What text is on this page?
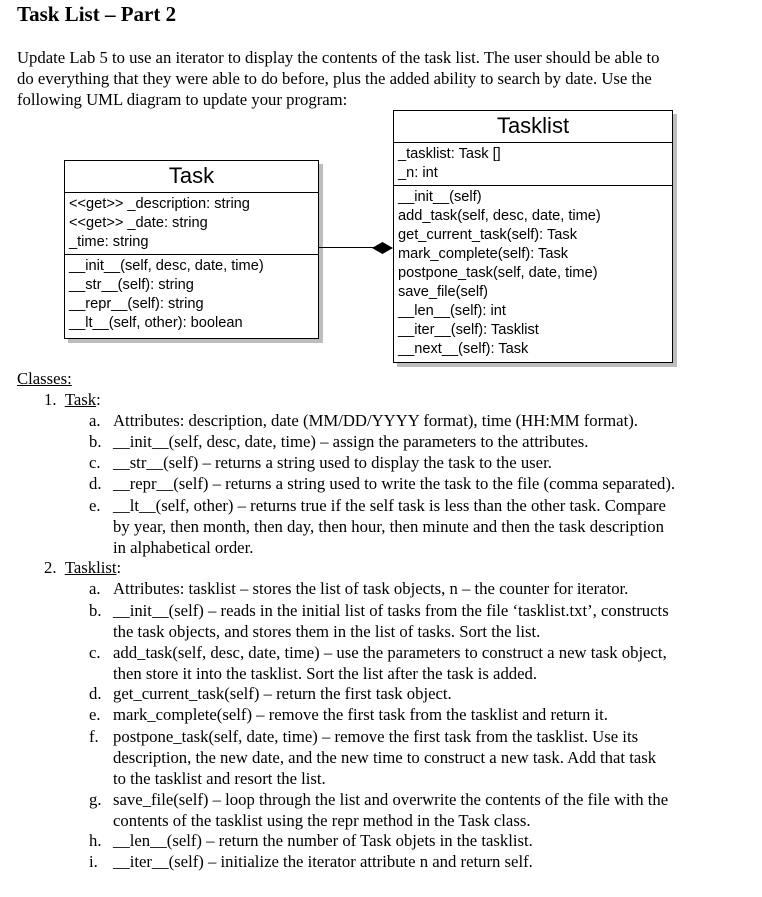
Task List – Part 2
Update Lab 5 to use an iterator to display the contents of the task list. The user should be able to
do everything that they were able to do before, plus the added ability to search by date. Use the
following UML diagram to update your program:
Task
<<get>> _description: string
<<get>> _date: string
_time: string
__init__(self, desc, date, time)
__str__(self): string
__repr__(self): string
__lt__(self, other): boolean
Tasklist
_tasklist: Task []
_n: int
__init__(self)
add_task(self, desc, date, time)
get_current_task(self): Task
mark_complete(self): Task
postpone_task(self, date, time)
save_file(self)
__len__(self): int
__iter__(self): Tasklist
__next__(self): Task
Classes:
1. Task:
a. Attributes: description, date (MM/DD/YYYY format), time (HH:MM format).
b. __init__(self, desc, date, time) – assign the parameters to the attributes.
c. __str__(self) – returns a string used to display the task to the user.
d. __repr__(self) – returns a string used to write the task to the file (comma separated).
e. __lt__(self, other) – returns true if the self task is less than the other task. Compare
by year, then month, then day, then hour, then minute and then the task description
in alphabetical order.
2. Tasklist:
a. Attributes: tasklist – stores the list of task objects, n – the counter for iterator.
b. __init__(self) – reads in the initial list of tasks from the file ‘tasklist.txt’, constructs
the task objects, and stores them in the list of tasks. Sort the list.
c. add_task(self, desc, date, time) – use the parameters to construct a new task object,
then store it into the tasklist. Sort the list after the task is added.
d. get_current_task(self) – return the first task object.
e. mark_complete(self) – remove the first task from the tasklist and return it.
f. postpone_task(self, date, time) – remove the first task from the tasklist. Use its
description, the new date, and the new time to construct a new task. Add that task
to the tasklist and resort the list.
g. save_file(self) – loop through the list and overwrite the contents of the file with the
contents of the tasklist using the repr method in the Task class.
h. __len__(self) – return the number of Task objets in the tasklist.
i. __iter__(self) – initialize the iterator attribute n and return self.
